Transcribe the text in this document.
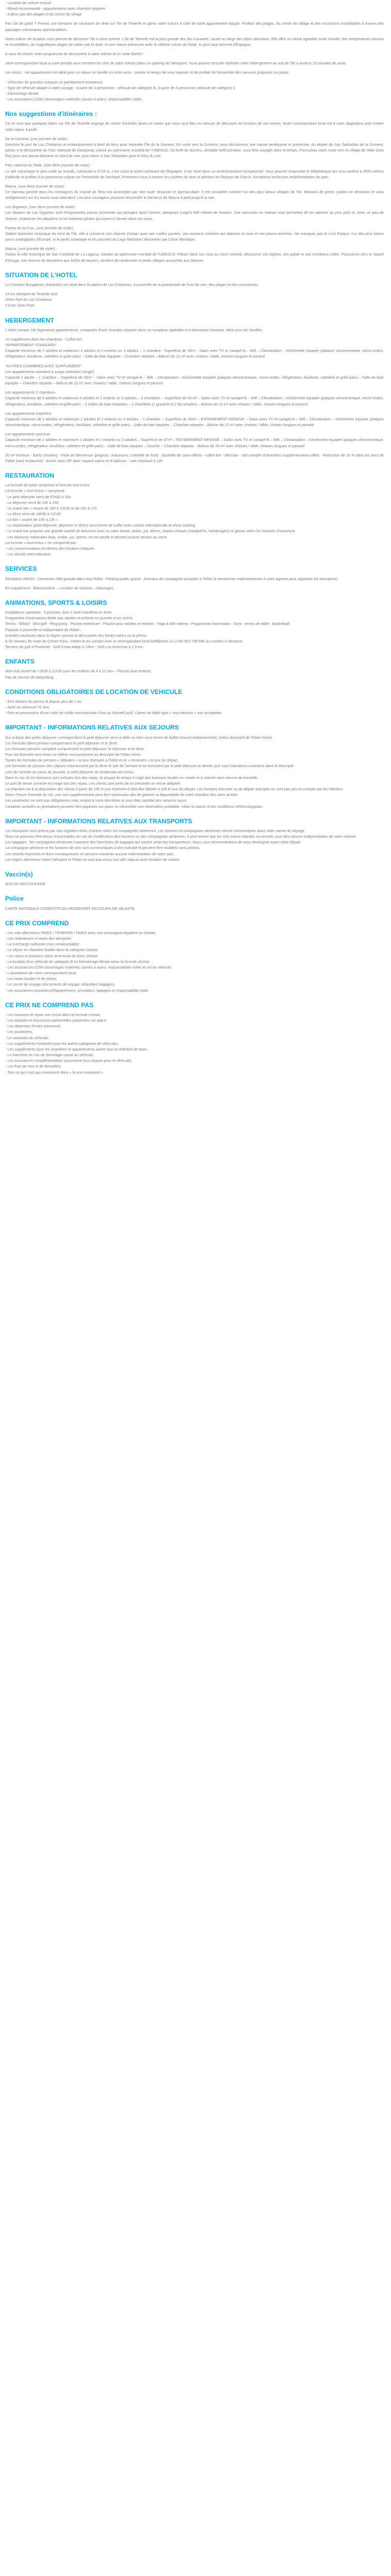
- Location de voiture incluse
- Réveil récommandé - Appartements avec chambre séparée
- A deux pas des plages et du centre du village

Pas sûr de partir ? Prenez une semaine de vacances de rêve sur l'île de Ténérife et garez votre voiture à côté de votre appartement équipé. Profitez des plages, du centre du village et des excursions inoubliables à travers des paysages volcaniques spectaculaires.

Notre voiture de location vous permet de découvrir l'île à votre rythme. L'île de Tenerife est la plus grande des îles Canaries, située au large des côtes africaines. Elle offre un climat agréable toute l'année, des températures douces et ensoleillées, de magnifiques plages de sable noir et doré, et une nature préservée avec le célèbre volcan du Teide, le plus haut sommet d'Espagne.

A vous de choisir votre programme de découverte à votre rythme et en toute liberté !

Votre correspondant local à votre arrivée vous remettra les clés de votre voiture (dans un parking de l'aéroport). Vous pourrez ensuite rejoindre votre hébergement au sud de l'île à environ 20 minutes de route.

Les loisirs : cet appartement est idéal pour un séjour en famille ou entre amis - prenez le temps de vous reposer et de profiter de l'ensemble des services proposés sur place.

- Véhicules de grandes marques et parfaitement entretenus
- Type de véhicule adapté à votre voyage : à partir de 3 personnes : véhicule de catégorie B, à partir de 4 personnes véhicule de catégorie C
- Kilométrage illimité
- Les assurances CDW (dommages matériels causés à autrui, responsabilité civile)
Nos suggestions d'itinéraires :

Ce ne sont que quelques idées car l'île de Tenerife regorge de centre d'intérêts divers et variés que vous seul êtes en mesure de découvrir en fonction de vos envies. Notre correspondant local est à votre disposition pour mettre votre séjour à profit.

De la Gomera, (une journée de visite) :

Direction le port de Los Cristianos et embarquement à bord du ferry pour rejoindre l'île de la Gomera. En route vers la Gomera, vous découvrirez une nature verdoyante et préservée. Au départ de San Sebastián de la Gomera, partez à la découverte du Parc National de Garajonay, classé au patrimoine mondial de l'UNESCO. Sa forêt de lauriers, véritable forêt primaire, vous fera voyager dans le temps. Poursuivez votre route vers le village de Valle Gran Rey pour une pause déjeuner en bord de mer, puis retour à San Sebastián pour le ferry du soir.

Parc national du Teide, (une demi journée de visite) :

Le site volcanique le plus visité au monde, culminant à 3718 m, c'est aussi le point culminant de l'Espagne. Il est situé dans un environnement exceptionnel. Vous pourrez emprunter le téléphérique qui vous amène à 3555 mètres d'altitude et profiter d'un panorama unique sur l'ensemble de l'archipel. Promenez-vous à travers les coulées de lave et admirez les Roques de García, formations rocheuses emblématiques du parc.

Masca, (une demi journée de visite) :

Ce hameau perché dans les montagnes du massif de Teno est accessible par une route sinueuse et spectaculaire. Il est considéré comme l'un des plus beaux villages de l'île. Maisons de pierre, jardins en terrasses et vues vertigineuses sur les ravins vous attendent. Les plus courageux pourront descendre le barranco de Masca à pied jusqu'à la mer.

Los Gigantes, (une demi journée de visite) :

Les falaises de Los Gigantes sont d'imposantes parois rocheuses qui plongent dans l'océan, atteignant jusqu'à 600 mètres de hauteur. Une excursion en bateau vous permettra de les admirer au plus près et, avec un peu de chance, d'observer les dauphins et les baleines pilotes qui vivent à l'année dans ces eaux.

Puerto de la Cruz, (une journée de visite) :

Station balnéaire historique du nord de l'île, elle a conservé son charme d'antan avec ses ruelles pavées, ses maisons colorées aux balcons en bois et ses places animées. Ne manquez pas le Loro Parque, l'un des plus beaux parcs zoologiques d'Europe, ni le jardin botanique et les piscines du Lago Martiánez dessinées par César Manrique.

Masca, (une journée de visite) :

Visitez la ville historique de San Cristóbal de La Laguna, classée au patrimoine mondial de l'UNESCO. Flânez dans ses rues au tracé colonial, découvrez ses églises, ses palais et ses nombreux cafés. Poursuivez vers le massif d'Anaga, une réserve de biosphère aux forêts de lauriers, sentiers de randonnée et petits villages accrochés aux falaises.

SITUATION DE L'HOTEL

Le Chiclaire Bungalows (Adrianka) est situé dans la station de Los Cristianos, à proximité de la promenade de front de mer, des plages et des commerces.

13 km Aéroport de Tenerife Sud
200m Port de Los Cristianos
2,8 km Siam Park
HEBERGEMENT

L'hôtel compte 192 logements appartements, composés d'une chambre séparée dans un complexe agréable et à dimension humaine, idéal pour les familles.

Un supplément dans les chambres - Coffre-fort
*APPARTEMENT STANDARD*

Capacité minimum de 2 adultes et maximum 2 adultes et 2 enfants ou 3 adultes – 1 chambre - Superficie de 35m² - Salon avec TV et canapé-lit – Wifi – Climatisation – Kitchenette équipée (plaques vitrocéramique, micro-ondes, réfrigérateur, bouilloire, cafetière et grille-pain) – Salle de bain équipée – Chambre séparée – Balcon de 12 m² avec chaises / table, chaises longues et parasol

*AUTRES CHAMBRES AVEC SUPPLEMENT*
Les appartements standard à usage individuel (single)

Capacité 1 adulte – 1 chambre – Superficie de 35m² – Salon avec TV et canapé-lit – Wifi – Climatisation – Kitchenette équipée (plaques vitrocéramique, micro-ondes, réfrigérateur, bouilloire, cafetière et grille-pain) – Salle de bain équipée – Chambre séparée – Balcon de 12 m² avec chaises / table, chaises longues et parasol

Les appartements 2 chambres

Capacité minimum de 3 adultes et maximum 4 adultes et 2 enfants ou 5 adultes – 2 chambres – Superficie de 43 m² – Salon avec TV et canapé-lit – Wifi – Climatisation – Kitchenette équipée (plaques vitrocéramique, micro-ondes, réfrigérateur, bouilloire, cafetière et grille-pain) – 2 Salles de bain équipées – 2 chambres (1 grand lit et 2 lits simples) – Balcon de 12 m² avec chaises / table, chaises longues et parasol

Les appartements supérieur

Capacité minimum de 2 adultes et maximum 2 adultes et 2 enfants ou 3 adultes – 1 chambre – Superficie de 35m² – ENTIEREMENT RENOVE – Salon avec TV et canapé-lit – Wifi – Climatisation – Kitchenette équipée (plaques vitrocéramique, micro-ondes, réfrigérateur, bouilloire, cafetière et grille-pain) – Salle de bain équipée – Chambre séparée – Balcon de 12 m² avec chaises / table, chaises longues et parasol

Les appartements premium

Capacité minimum de 2 adultes et maximum 2 adultes et 2 enfants ou 3 adultes – Superficie de 37m² – ENTIEREMENT RENOVE – Salon avec TV et canapé-lit – Wifi – Climatisation – Kitchenette équipée (plaques vitrocéramique, micro-ondes, réfrigérateur, bouilloire, cafetière et grille-pain) – Salle de bain équipée – Douche – Chambre séparée – Balcon de 20 m² avec chaises / table, chaises longues et parasol

20 m² terrasse - Early checking - Pack de bienvenue (peignoir, chaussons, corbeille de fruit) - bouteille de cava offerte - coffre-fort - Mini-bar - Set complet d'amenities supplémentaires offert - Réduction de 10 % dans les bars de l'hôtel (sauf restaurant) - Accès sans VIP avec espace calme et lit balinais - Late checkout à 12h

RESTAURATION
La formule de base comprend la formule tout inclus
La formule « tout inclus » comprend :
- Le petit déjeuner servi de 07h30 à 10h
- Le déjeuner servi de 13h à 15h
- Le snack-bar « ouvert de 10h à 12h30 et de 15h à 17h
- Le dîner servi de 18h30 à 21h30
- Le bar « ouvert de 10h à 23h »
- La restauration (petit déjeuner, déjeuner et dîner) sous forme de buffet avec cuisine internationale et show cooking
- Le snack bar propose une grande variété de boissons avec ou sans alcool, sodas, jus, bières, snacks chauds (sandwichs, hamburgers) et glaces selon les horaires d'ouverture
- Les boissons nationales (eau, sodas, jus, bières, vin en carafe et alcools locaux) servies au verre
La formule « tout inclus » ne comprend pas :
- Les consommations en dehors des horaires indiqués.
- Les alcools internationaux.
SERVICES

Réception 24h/24 - Connexion Wifi gratuite dans tout l'hôtel - Parking public gratuit - Animaux de compagnie acceptés à l'hôtel (à mentionner impérativement à votre agence pour organiser les transports).

En supplément : Blanchisserie – Location de voitures – Massages.
ANIMATIONS, SPORTS & LOISIRS
Installations sportives : 3 piscines, dont 2 sont chauffées en hiver.
Programme d'animations dédié aux adultes et enfants en journée et en soirée.
Tennis - Billard - Mini-golf - Ping-pong - Piscine extérieure - Piscine pour adultes et enfants - Yoga à 500 mètres - Programme d'animation - Gym - tennis de table - Basketball
Payants à proximité et indépendant de l'hôtel :
Activités nautiques dans la région comme la découverte des fonds marins ou la pêche.
A 20 minutes de route du Centre Paris, mettez-le en contact avec le correspondant local Golf@mez ou (+34) 922 735 695 au numéro ci-dessous.
Terrains de golf à Proximité : Golf Costa Adeje à 12km - Golf Las Americas à 1,9 km.
ENFANTS
Mini-club ouvert de 13h30 à 21h30 pour les enfants de 4 à 12 ans – Piscine pour enfants.
Pas de service de babysitting.
CONDITIONS OBLIGATOIRES DE LOCATION DE VEHICULE
- Etre titulaire du permis B depuis plus de 1 an.
- Avoir au minimum 21 ans.
- Etre en possession d'une carte de crédit internationale (Visa ou MasterCard). Cartes de débit type « visa electron » non acceptées.
IMPORTANT - INFORMATIONS RELATIVES AUX SEJOURS
Sur la base des petits déjeuner, correspondant le petit déjeuner servi à table ou bien sous forme de buffet (nouvel établissement), (selon descriptif de l'hôtel choisi).
Les formules demi-pension comprennent le petit déjeuner et le dîner.
Les formules pension complète comprennent le petit déjeuner, le déjeuner et le dîner.
Pour les formules tout inclus se référer exclusivement au descriptif de l'hôtel choisi.
Toutes les formules de pension « débutent » le jour d'arrivée à l'hôtel et se « terminent » le jour du départ.
Les formules de pension des séjours commencent par le dîner le soir de l'arrivée et se terminent par le petit déjeuner le dernier jour sauf indications contraires dans le descriptif.
Lors de l'arrivée en cours de journée, le petit déjeuner du lendemain est inclus.
Dans le cas où les boissons sont incluses lors des repas, la plupart du temps il s'agit des boissons locales en carafe et à volonté sans service de bouteille.
Le port de tenue correcte est exigé lors des repas. Les clients sont priés de se présenter en tenue adaptée.
La chambre est à la disposition des clients à partir de 15h le jour d'arrivée et doit être libérée à 10h le jour du départ. Les horaires d'arrivée ou de départ anticipés ne sont pas pris en compte par les hôteliers.
Selon l'heure d'arrivée du vol, une nuit supplémentaire peut être nécessaire afin de garantir la disponibilité de votre chambre dès votre arrivée.
Les pourboires ne sont pas obligatoires mais restent à votre discrétion si vous êtes satisfait des services reçus.
Certaines activités ou prestations peuvent être payantes sur place ou nécessiter une réservation préalable, selon la saison et les conditions météorologiques.
IMPORTANT - INFORMATIONS RELATIVES AUX TRANSPORTS
Les transports sont prévus par vols réguliers et/ou charters selon les compagnies aériennes. Les horaires et compagnies aériennes seront communiqués dans votre carnet de voyage.
Nous ne pourrons être tenus responsables en cas de modification des horaires ou des compagnies aériennes. Il peut arriver que les vols soient retardés ou annulés pour des raisons indépendantes de notre volonté.
Les bagages : les compagnies aériennes imposent des franchises de bagages qui varient selon les transporteurs. Nous vous recommandons de vous renseigner avant votre départ.
La compagnie aérienne et les horaires de vols sont communiqués à titre indicatif et peuvent être modifiés sans préavis.
Les retards éventuels et leurs conséquences ne peuvent entraîner aucune indemnisation de notre part.
Les trajets aller/retour entre l'aéroport et l'hôtel ne sont pas inclus lors des séjours avec location de voiture.
Vaccin(s)
AUCUN VACCIN EXIGE
Police
CARTE NATIONALE D'IDENTITE OU PASSEPORT EN COURS DE VALIDITE
CE PRIX COMPREND
- Les vols aller/retour PARIS / TENERIFE / PARIS avec une compagnie régulière ou charter,
- Les redevances et taxes des aéroports
- La surcharge carburant (non remboursable)
- Le séjour en chambre double dans la catégorie choisie,
- Les repas et boissons selon la formule de base choisie,
- La location d'un véhicule de catégorie B en kilométrage illimité selon la formule choisie,
- Les assurances CDW (dommages matériels causés à autrui, responsabilité civile) et vol du véhicule,
- L'assistance de notre correspondant local,
- Les taxes locales et de séjour,
- Le carnet de voyage (documents de voyage, étiquettes bagages),
- Les assurances Assistance/Rapatriement, annulation, bagages et responsabilité civile.
CE PRIX NE COMPREND PAS
- Les boissons et repas non inclus dans la formule choisie,
- Les activités et excursions optionnelles proposées sur place,
- Les dépenses d'ordre personnel,
- Les pourboires,
- Le carburant du véhicule,
- Les suppléments éventuels pour les autres catégories de véhicules,
- Les suppléments pour les chambres et appartements autres que la chambre de base,
- La franchise en cas de dommage causé au véhicule,
- Les assurances complémentaires (assurance tous risques pour le véhicule),
- Les frais de visa et de formalités,
- Tout ce qui n'est pas mentionné dans « le prix comprend ».
